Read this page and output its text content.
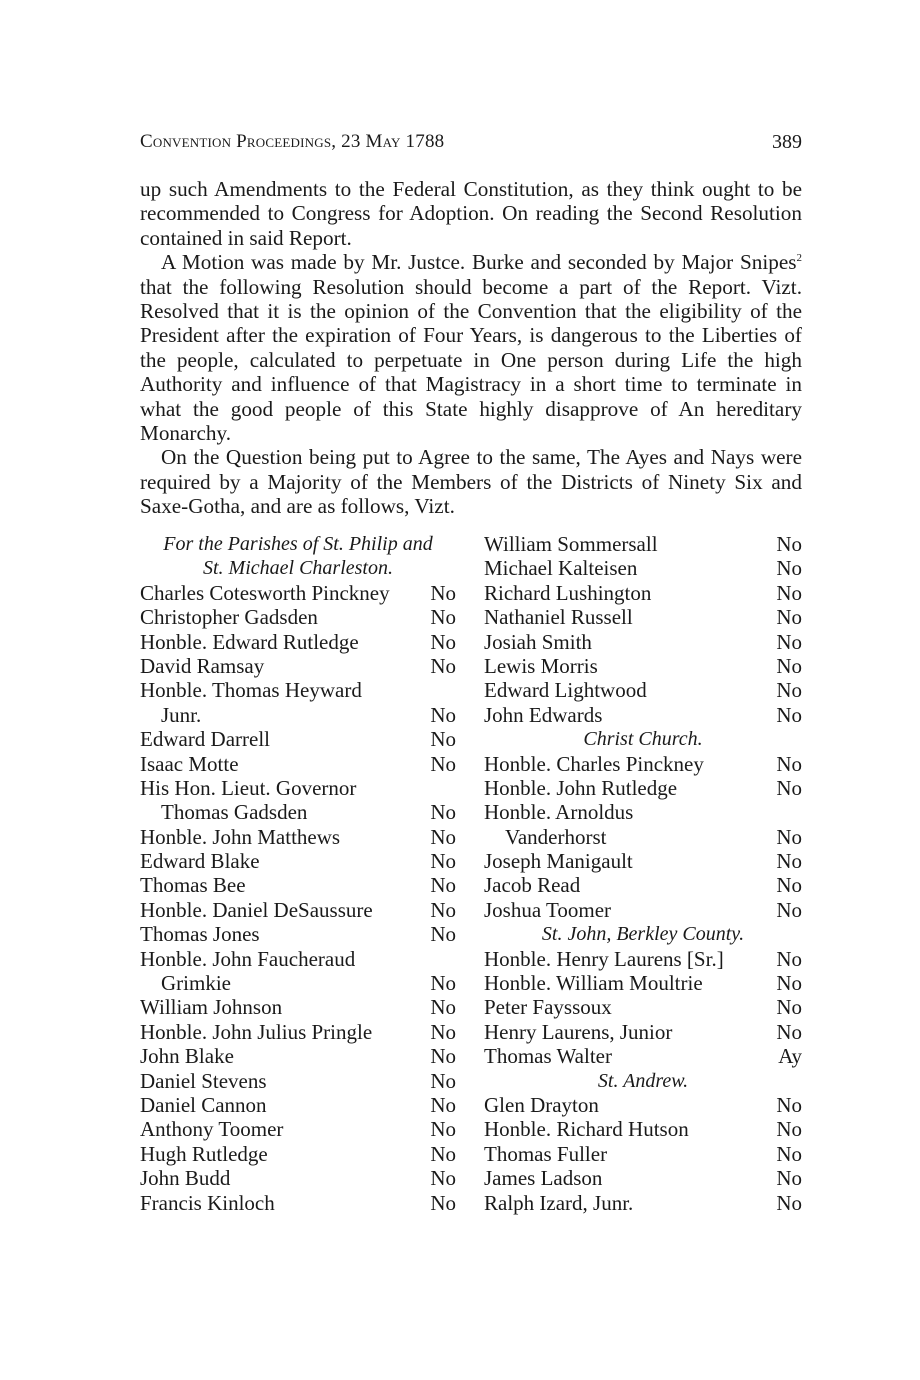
Convention Proceedings, 23 May 1788	389

up such Amendments to the Federal Constitution, as they think ought to be recommended to Congress for Adoption. On reading the Second Resolution contained in said Report.

A Motion was made by Mr. Justce. Burke and seconded by Major Snipes$^2$ that the following Resolution should become a part of the Report. Vizt. Resolved that it is the opinion of the Convention that the eligibility of the President after the expiration of Four Years, is dangerous to the Liberties of the people, calculated to perpetuate in One person during Life the high Authority and influence of that Magistracy in a short time to terminate in what the good people of this State highly disapprove of An hereditary Monarchy.

On the Question being put to Agree to the same, The Ayes and Nays were required by a Majority of the Members of the Districts of Ninety Six and Saxe-Gotha, and are as follows, Vizt.

For the Parishes of St. Philip and
St. Michael Charleston.
Charles Cotesworth Pinckney No
Christopher Gadsden	No
Honble. Edward Rutledge	No
David Ramsay	No
Honble. Thomas Heyward
Junr.	No
Edward Darrell	No
Isaac Motte	No
His Hon. Lieut. Governor
Thomas Gadsden	No
Honble. John Matthews	No
Edward Blake	No
Thomas Bee	No
Honble. Daniel DeSaussure	No
Thomas Jones	No
Honble. John Faucheraud
Grimkie	No
William Johnson	No
Honble. John Julius Pringle	No
John Blake	No
Daniel Stevens	No
Daniel Cannon	No
Anthony Toomer	No
Hugh Rutledge	No
John Budd	No
Francis Kinloch	No
William Sommersall	No
Michael Kalteisen	No
Richard Lushington	No
Nathaniel Russell	No
Josiah Smith	No
Lewis Morris	No
Edward Lightwood	No
John Edwards	No
Christ Church.
Honble. Charles Pinckney	No
Honble. John Rutledge	No
Honble. Arnoldus
Vanderhorst	No
Joseph Manigault	No
Jacob Read	No
Joshua Toomer	No
St. John, Berkley County.
Honble. Henry Laurens [Sr.]	No
Honble. William Moultrie	No
Peter Fayssoux	No
Henry Laurens, Junior	No
Thomas Walter	Ay
St. Andrew.
Glen Drayton	No
Honble. Richard Hutson	No
Thomas Fuller	No
James Ladson	No
Ralph Izard, Junr.	No
